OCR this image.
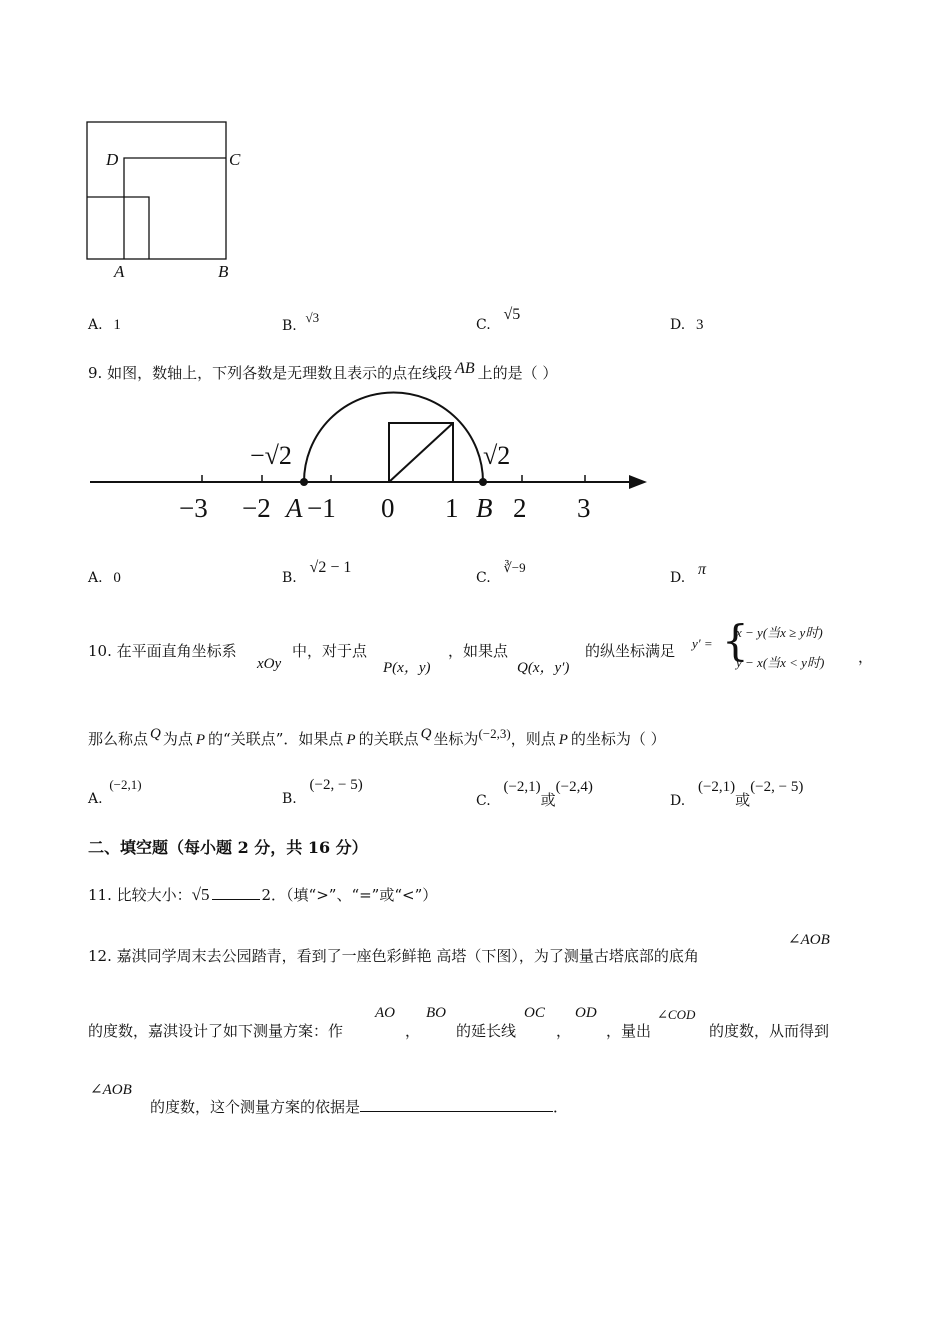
D	C
A	B
A. 1	B. √3	C. √5
D. 3
9. 如图，数轴上，下列各数是无理数且表示的点在线段 AB 上的是（ ）
−√2	√2
−3 −2 A −1 0 1 B 2 3
A. 0	B. √2 − 1
C. ∛−9
D. π
10. 在平面直角坐标系
xOy
中，对于点
P(x，y)
，如果点
Q(x，y′)
的纵坐标满足 y′ = {
x − y(当x ≥ y时)
y − x(当x < y时) ，
那么称点 Q 为点 P 的“关联点”．如果点 P 的关联点 Q 坐标为(−2,3)，则点 P 的坐标为（ ）
A. (−2,1)
B. (−2, − 5)
C. (−2,1)或(−2,4)
D. (−2,1)或(−2, − 5)
二、填空题（每小题 2 分，共 16 分）
11. 比较大小：√5	2．（填“>”、“=”或“<”）
12. 嘉淇同学周末去公园踏青，看到了一座色彩鲜艳 高塔（下图），为了测量古塔底部的底角
∠AOB
的度数，嘉淇设计了如下测量方案：作
AO
，
BO
的延长线
OC
，
OD
，量出
∠COD
的度数，从而得到
∠AOB
的度数，这个测量方案的依据是	．
